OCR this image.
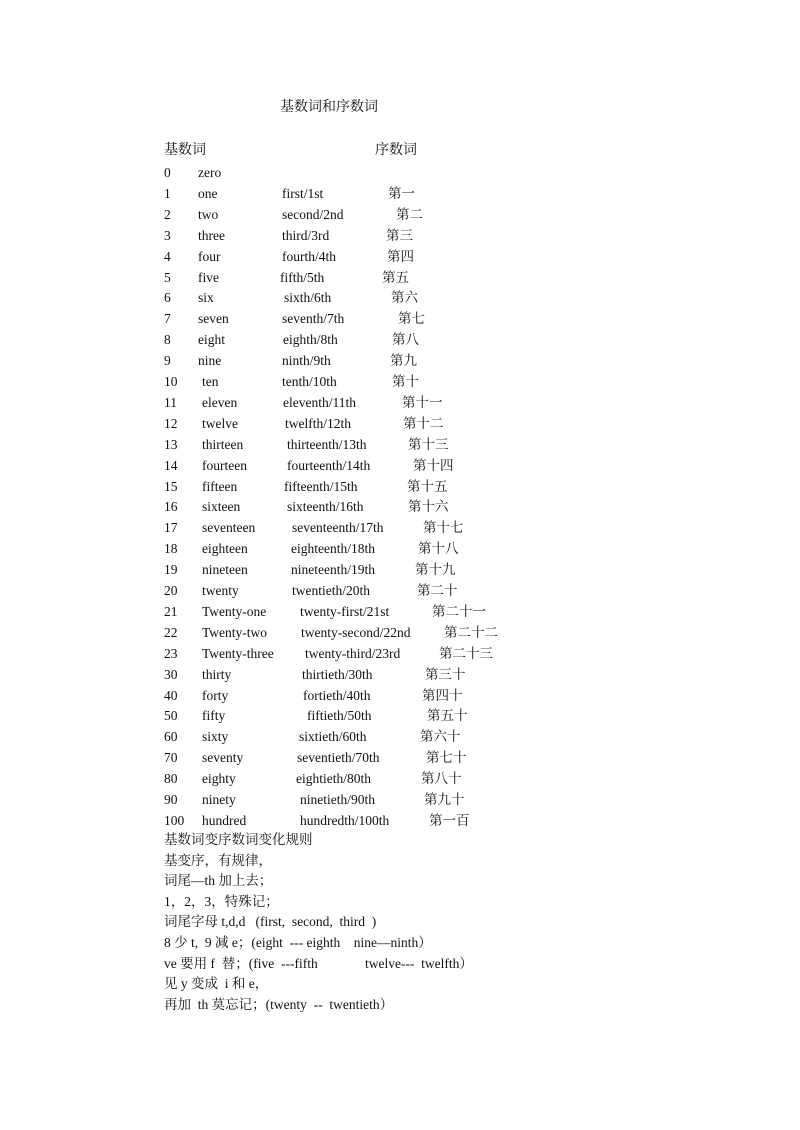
基数词和序数词
基数词	序数词
0 zero
1 one	first/1st	第一
2 two	second/2nd	第二
3 three	third/3rd	第三
4 four	fourth/4th	第四
5 five	fifth/5th	第五
6 six	sixth/6th	第六
7 seven	seventh/7th	第七
8 eight	eighth/8th	第八
9 nine	ninth/9th	第九
10 ten	tenth/10th	第十
11 eleven	eleventh/11th	第十一
12 twelve	twelfth/12th	第十二
13 thirteen	thirteenth/13th	第十三
14 fourteen	fourteenth/14th	第十四
15 fifteen	fifteenth/15th	第十五
16 sixteen	sixteenth/16th	第十六
17 seventeen	seventeenth/17th	第十七
18 eighteen	eighteenth/18th	第十八
19 nineteen	nineteenth/19th	第十九
20 twenty	twentieth/20th	第二十
21 Twenty-one twenty-first/21st	第二十一
22 Twenty-two	twenty-second/22nd 第二十二
23 Twenty-three twenty-third/23rd	第二十三
30 thirty	thirtieth/30th	第三十
40 forty	fortieth/40th	第四十
50 fifty	fiftieth/50th	第五十
60 sixty	sixtieth/60th	第六十
70 seventy	seventieth/70th	第七十
80 eighty	eightieth/80th	第八十
90 ninety	ninetieth/90th	第九十
100 hundred	hundredth/100th	第一百
基数词变序数词变化规则
基变序，有规律，
词尾—th 加上去；
1，2，3，特殊记；
词尾字母 t,d,d   (first,  second,  third  )
8 少 t,  9 减 e；(eight  --- eighth    nine—ninth）
ve 要用 f  替；(five  ---fifth              twelve---  twelfth）
见 y 变成  i 和 e，
再加  th 莫忘记；(twenty  --  twentieth）
